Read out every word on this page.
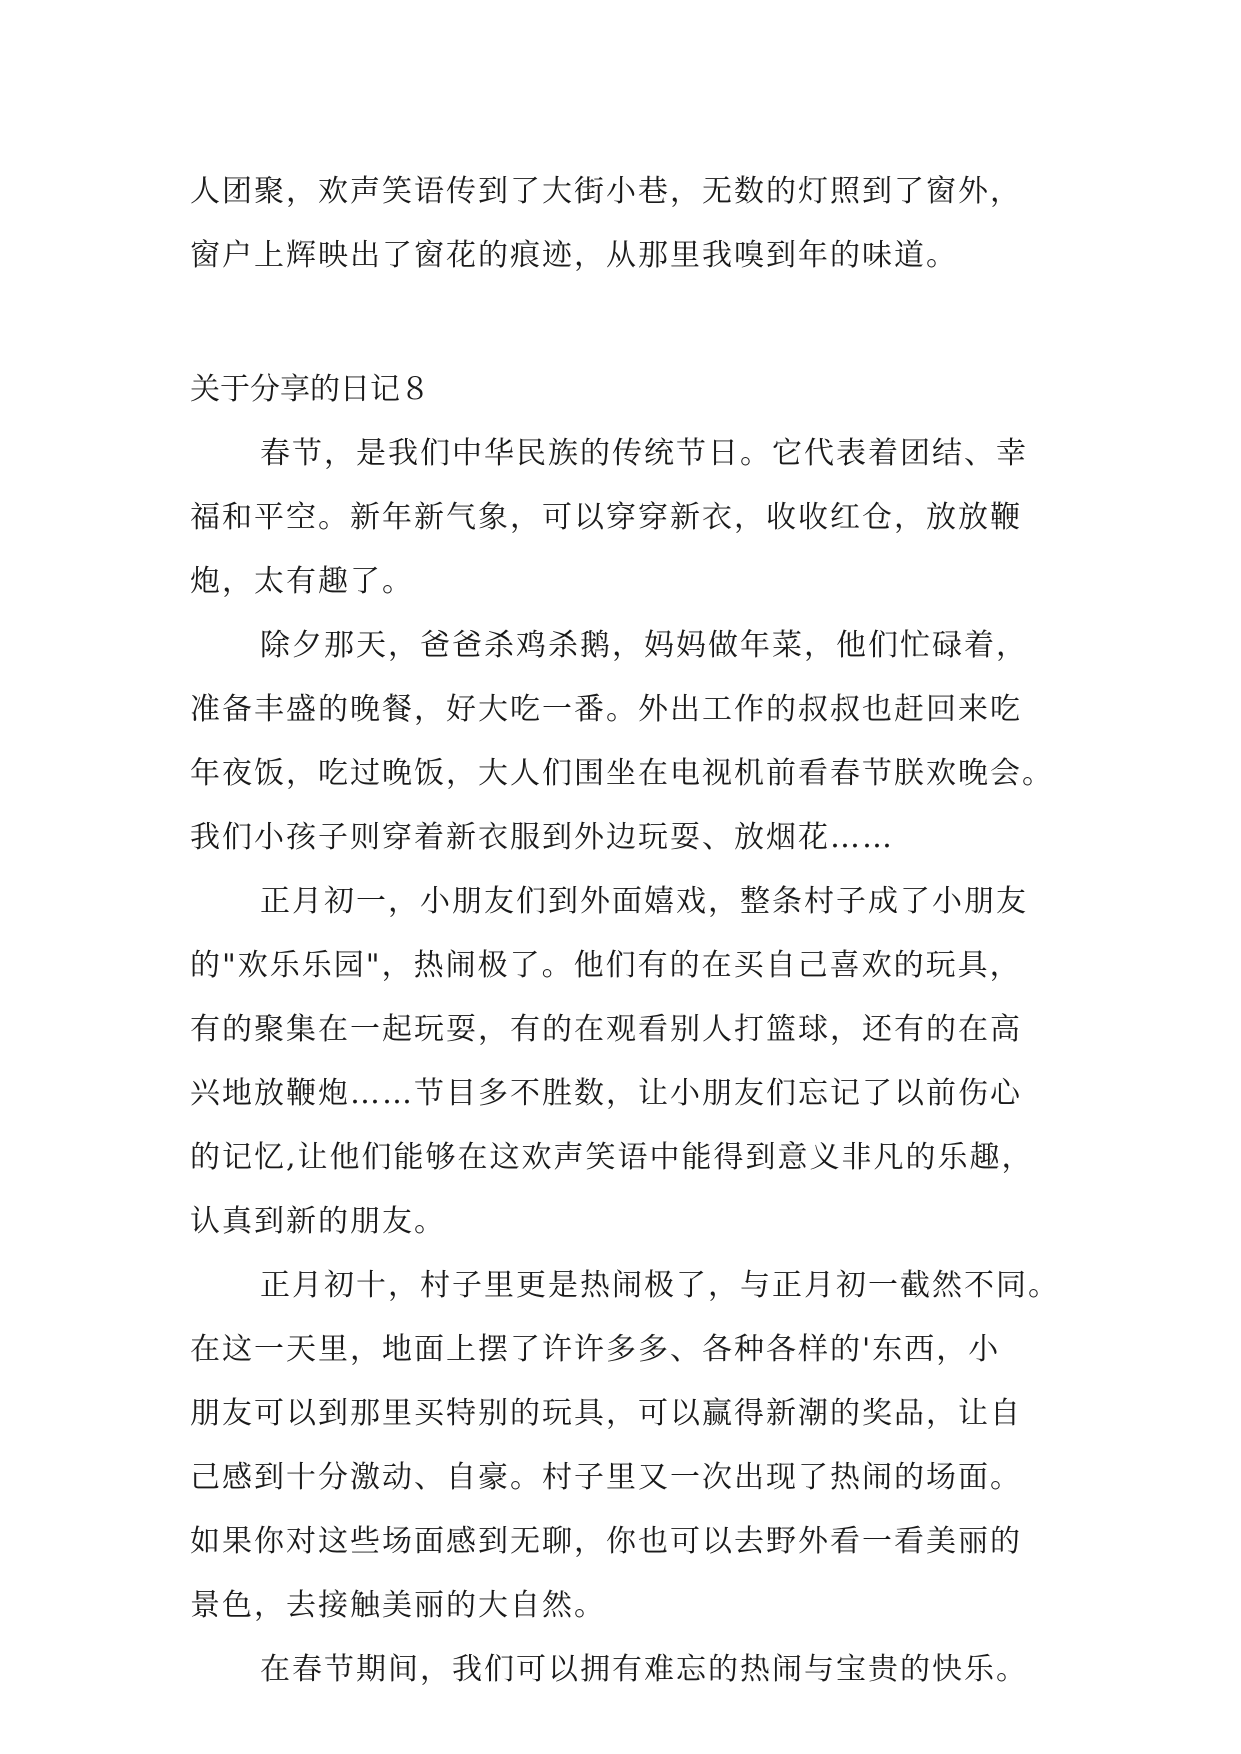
人团聚，欢声笑语传到了大街小巷，无数的灯照到了窗外，
窗户上辉映出了窗花的痕迹，从那里我嗅到年的味道。
关于分享的日记８
春节，是我们中华民族的传统节日。它代表着团结、幸
福和平空。新年新气象，可以穿穿新衣，收收红仓，放放鞭
炮，太有趣了。
除夕那天，爸爸杀鸡杀鹅，妈妈做年菜，他们忙碌着，
准备丰盛的晚餐，好大吃一番。外出工作的叔叔也赶回来吃
年夜饭，吃过晚饭，大人们围坐在电视机前看春节朕欢晚会。
我们小孩子则穿着新衣服到外边玩耍、放烟花……
正月初一，小朋友们到外面嬉戏，整条村子成了小朋友
的"欢乐乐园"，热闹极了。他们有的在买自己喜欢的玩具，
有的聚集在一起玩耍，有的在观看别人打篮球，还有的在高
兴地放鞭炮……节目多不胜数，让小朋友们忘记了以前伤心
的记忆,让他们能够在这欢声笑语中能得到意义非凡的乐趣，
认真到新的朋友。
正月初十，村子里更是热闹极了，与正月初一截然不同。
在这一天里，地面上摆了许许多多、各种各样的'东西，小
朋友可以到那里买特别的玩具，可以赢得新潮的奖品，让自
己感到十分激动、自豪。村子里又一次出现了热闹的场面。
如果你对这些场面感到无聊，你也可以去野外看一看美丽的
景色，去接触美丽的大自然。
在春节期间，我们可以拥有难忘的热闹与宝贵的快乐。
